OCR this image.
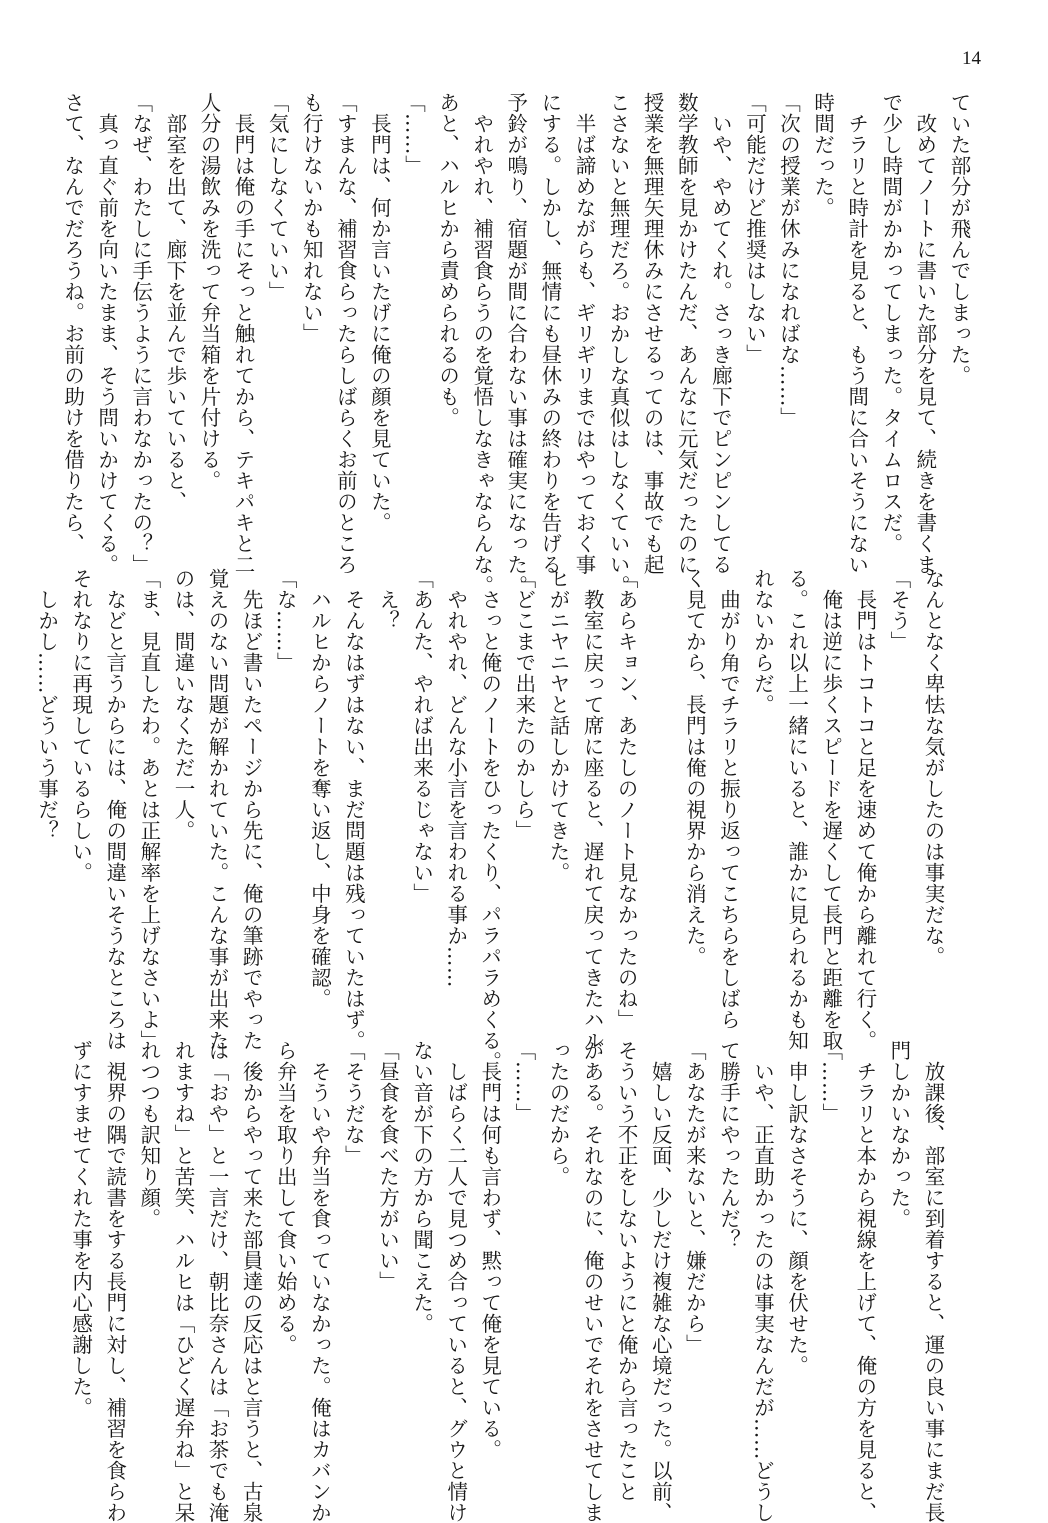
14
ていた部分が飛んでしまった。
　改めてノートに書いた部分を見て、続きを書くま
で少し時間がかかってしまった。タイムロスだ。
　チラリと時計を見ると、もう間に合いそうにない
時間だった。
「次の授業が休みになればな……」
「可能だけど推奨はしない」
　いや、やめてくれ。さっき廊下でピンピンしてる
数学教師を見かけたんだ、あんなに元気だったのに
授業を無理矢理休みにさせるってのは、事故でも起
こさないと無理だろ。おかしな真似はしなくていい。
　半ば諦めながらも、ギリギリまではやっておく事
にする。しかし、無情にも昼休みの終わりを告げる
予鈴が鳴り、宿題が間に合わない事は確実になった。
　やれやれ、補習食らうのを覚悟しなきゃならんな。
あと、ハルヒから責められるのも。
「……」
　長門は、何か言いたげに俺の顔を見ていた。
「すまんな、補習食らったらしばらくお前のところ
も行けないかも知れない」
「気にしなくていい」
　長門は俺の手にそっと触れてから、テキパキと二
人分の湯飲みを洗って弁当箱を片付ける。
　部室を出て、廊下を並んで歩いていると、
「なぜ、わたしに手伝うように言わなかったの？」
　真っ直ぐ前を向いたまま、そう問いかけてくる。
さて、なんでだろうね。お前の助けを借りたら、
なんとなく卑怯な気がしたのは事実だな。
「そう」
　長門はトコトコと足を速めて俺から離れて行く。
　俺は逆に歩くスピードを遅くして長門と距離を取
る。これ以上一緒にいると、誰かに見られるかも知
れないからだ。
　曲がり角でチラリと振り返ってこちらをしばら
く見てから、長門は俺の視界から消えた。
「あらキョン、あたしのノート見なかったのね」
　教室に戻って席に座ると、遅れて戻ってきたハル
ヒがニヤニヤと話しかけてきた。
「どこまで出来たのかしら」
　さっと俺のノートをひったくり、パラパラめくる。
　やれやれ、どんな小言を言われる事か……
「あんた、やれば出来るじゃない」
　え？
　そんなはずはない、まだ問題は残っていたはず。
　ハルヒからノートを奪い返し、中身を確認。
「な……」
　先ほど書いたページから先に、俺の筆跡でやった
覚えのない問題が解かれていた。こんな事が出来た
のは、間違いなくただ一人。
「ま、見直したわ。あとは正解率を上げなさいよ」
　などと言うからには、俺の間違いそうなところは
それなりに再現しているらしい。
　しかし……どういう事だ？
　放課後、部室に到着すると、運の良い事にまだ長
門しかいなかった。
　チラリと本から視線を上げて、俺の方を見ると、
「……」
　申し訳なさそうに、顔を伏せた。
　いや、正直助かったのは事実なんだが……どうし
て勝手にやったんだ？
「あなたが来ないと、嫌だから」
　嬉しい反面、少しだけ複雑な心境だった。以前、
そういう不正をしないようにと俺から言ったこと
がある。それなのに、俺のせいでそれをさせてしま
ったのだから。
「……」
　長門は何も言わず、黙って俺を見ている。
　しばらく二人で見つめ合っていると、グウと情け
ない音が下の方から聞こえた。
「昼食を食べた方がいい」
「そうだな」
　そういや弁当を食っていなかった。俺はカバンか
ら弁当を取り出して食い始める。
　後からやって来た部員達の反応はと言うと、古泉
は「おや」と一言だけ、朝比奈さんは「お茶でも淹
れますね」と苦笑、ハルヒは「ひどく遅弁ね」と呆
れつつも訳知り顔。
　視界の隅で読書をする長門に対し、補習を食らわ
ずにすませてくれた事を内心感謝した。
